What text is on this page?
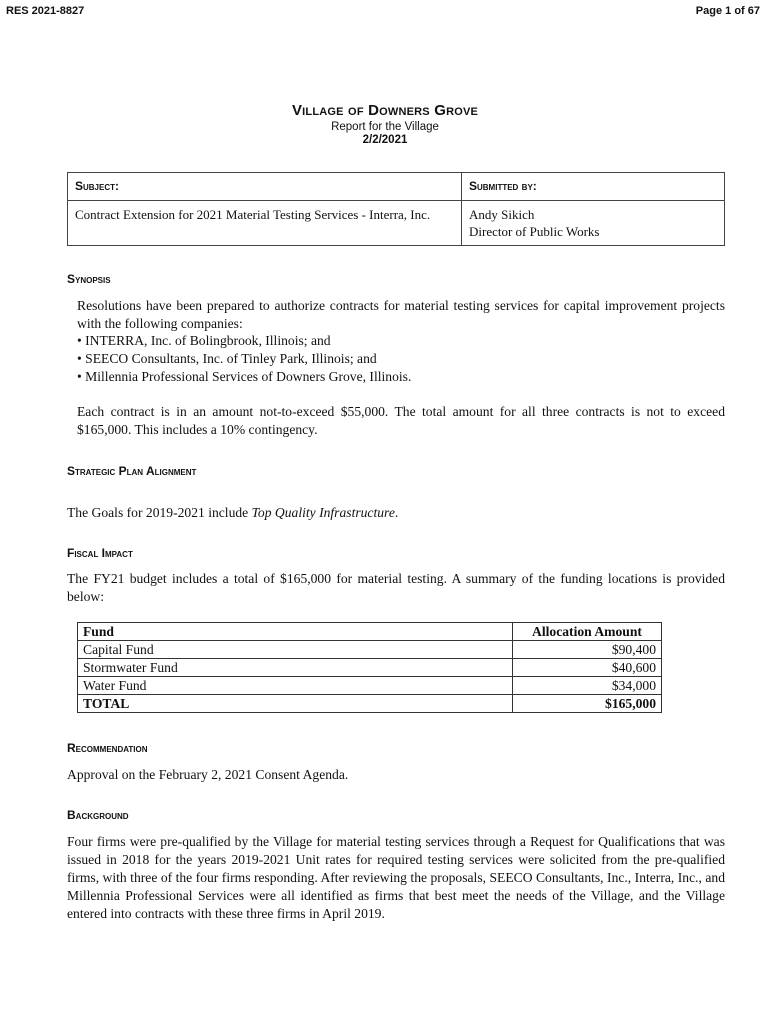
RES 2021-8827	Page 1 of 67
Village of Downers Grove
Report for the Village
2/2/2021
Subject:	Submitted by:
Contract Extension for 2021 Material Testing Services - Interra, Inc.	Andy Sikich
Director of Public Works
Synopsis
Resolutions have been prepared to authorize contracts for material testing services for capital improvement projects with the following companies:
• INTERRA, Inc. of Bolingbrook, Illinois; and
• SEECO Consultants, Inc. of Tinley Park, Illinois; and
• Millennia Professional Services of Downers Grove, Illinois.
Each contract is in an amount not-to-exceed $55,000. The total amount for all three contracts is not to exceed $165,000. This includes a 10% contingency.
Strategic Plan Alignment
The Goals for 2019-2021 include Top Quality Infrastructure.
Fiscal Impact
The FY21 budget includes a total of $165,000 for material testing. A summary of the funding locations is provided below:
Fund	Allocation Amount
Capital Fund	$90,400
Stormwater Fund	$40,600
Water Fund	$34,000
TOTAL	$165,000
Recommendation
Approval on the February 2, 2021 Consent Agenda.
Background
Four firms were pre-qualified by the Village for material testing services through a Request for Qualifications that was issued in 2018 for the years 2019-2021 Unit rates for required testing services were solicited from the pre-qualified firms, with three of the four firms responding. After reviewing the proposals, SEECO Consultants, Inc., Interra, Inc., and Millennia Professional Services were all identified as firms that best meet the needs of the Village, and the Village entered into contracts with these three firms in April 2019.
